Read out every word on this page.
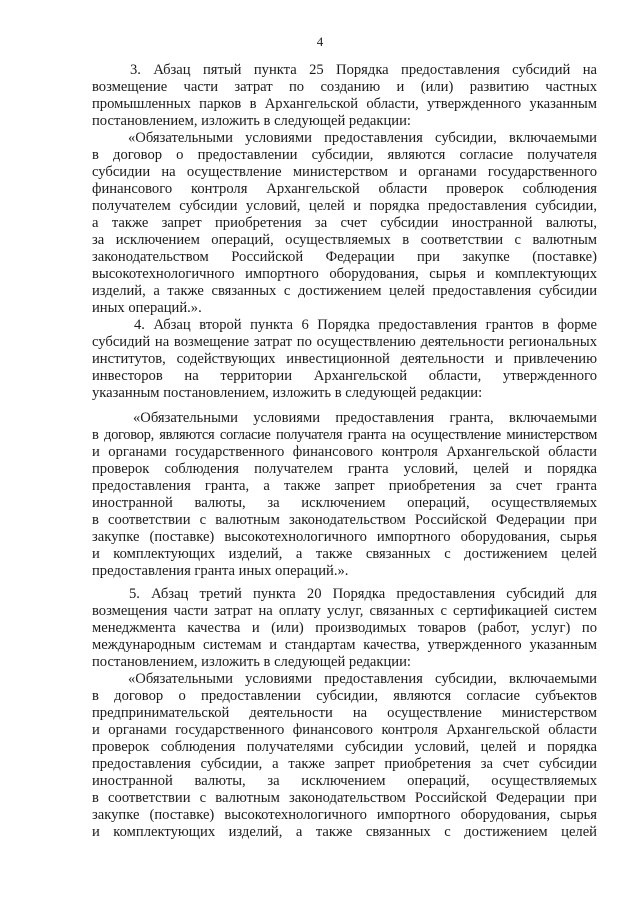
4
3. Абзац пятый пункта 25 Порядка предоставления субсидий на
возмещение части затрат по созданию и (или) развитию частных
промышленных парков в Архангельской области, утвержденного указанным
постановлением, изложить в следующей редакции:
«Обязательными условиями предоставления субсидии, включаемыми
в договор о предоставлении субсидии, являются согласие получателя
субсидии на осуществление министерством и органами государственного
финансового контроля Архангельской области проверок соблюдения
получателем субсидии условий, целей и порядка предоставления субсидии,
а также запрет приобретения за счет субсидии иностранной валюты,
за исключением операций, осуществляемых в соответствии с валютным
законодательством Российской Федерации при закупке (поставке)
высокотехнологичного импортного оборудования, сырья и комплектующих
изделий, а также связанных с достижением целей предоставления субсидии
иных операций.».
4. Абзац второй пункта 6 Порядка предоставления грантов в форме
субсидий на возмещение затрат по осуществлению деятельности региональных
институтов, содействующих инвестиционной деятельности и привлечению
инвесторов на территории Архангельской области, утвержденного
указанным постановлением, изложить в следующей редакции:
«Обязательными условиями предоставления гранта, включаемыми
в договор, являются согласие получателя гранта на осуществление министерством
и органами государственного финансового контроля Архангельской области
проверок соблюдения получателем гранта условий, целей и порядка
предоставления гранта, а также запрет приобретения за счет гранта
иностранной валюты, за исключением операций, осуществляемых
в соответствии с валютным законодательством Российской Федерации при
закупке (поставке) высокотехнологичного импортного оборудования, сырья
и комплектующих изделий, а также связанных с достижением целей
предоставления гранта иных операций.».
5. Абзац третий пункта 20 Порядка предоставления субсидий для
возмещения части затрат на оплату услуг, связанных с сертификацией систем
менеджмента качества и (или) производимых товаров (работ, услуг) по
международным системам и стандартам качества, утвержденного указанным
постановлением, изложить в следующей редакции:
«Обязательными условиями предоставления субсидии, включаемыми
в договор о предоставлении субсидии, являются согласие субъектов
предпринимательской деятельности на осуществление министерством
и органами государственного финансового контроля Архангельской области
проверок соблюдения получателями субсидии условий, целей и порядка
предоставления субсидии, а также запрет приобретения за счет субсидии
иностранной валюты, за исключением операций, осуществляемых
в соответствии с валютным законодательством Российской Федерации при
закупке (поставке) высокотехнологичного импортного оборудования, сырья
и комплектующих изделий, а также связанных с достижением целей
